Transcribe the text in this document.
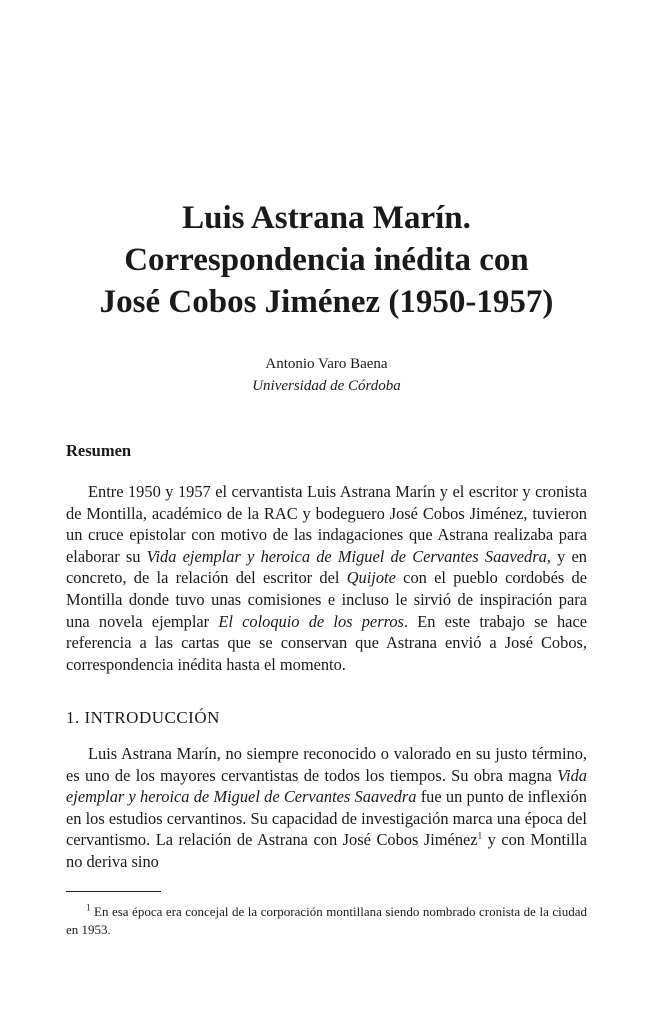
Luis Astrana Marín.
Correspondencia inédita con
José Cobos Jiménez (1950-1957)
Antonio Varo Baena
Universidad de Córdoba
Resumen

Entre 1950 y 1957 el cervantista Luis Astrana Marín y el escritor y cronista de Montilla, académico de la RAC y bodeguero José Cobos Jiménez, tuvieron un cruce epistolar con motivo de las indagaciones que Astrana realizaba para elaborar su Vida ejemplar y heroica de Miguel de Cervantes Saavedra, y en concreto, de la relación del escritor del Quijote con el pueblo cordobés de Montilla donde tuvo unas comisiones e incluso le sirvió de inspiración para una novela ejemplar El coloquio de los perros. En este trabajo se hace referencia a las cartas que se conservan que Astrana envió a José Cobos, correspondencia inédita hasta el momento.

1. INTRODUCCIÓN

Luis Astrana Marín, no siempre reconocido o valorado en su justo término, es uno de los mayores cervantistas de todos los tiempos. Su obra magna Vida ejemplar y heroica de Miguel de Cervantes Saavedra fue un punto de inflexión en los estudios cervantinos. Su capacidad de investigación marca una época del cervantismo. La relación de Astrana con José Cobos Jiménez$^1$ y con Montilla no deriva sino

$^1$ En esa época era concejal de la corporación montillana siendo nombrado cronista de la ciudad en 1953.
